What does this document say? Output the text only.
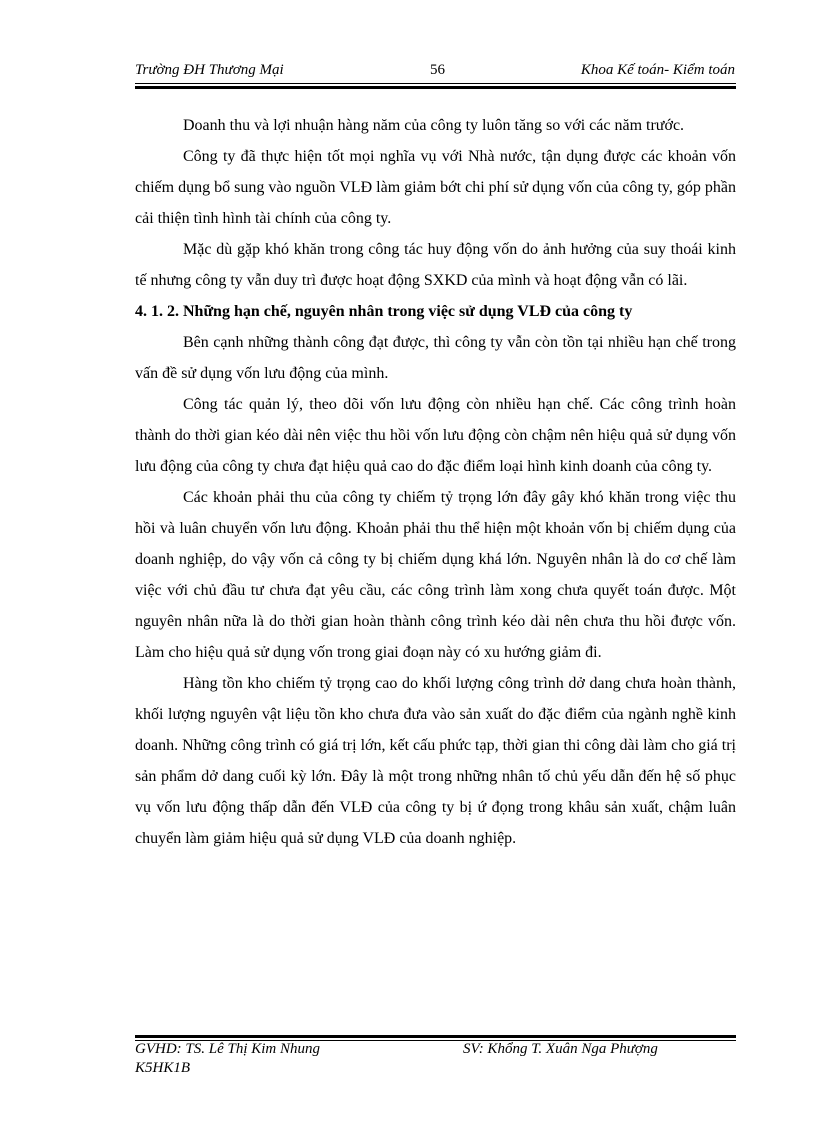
Trường ĐH Thương Mại	56	Khoa Kế toán- Kiểm toán

Doanh thu và lợi nhuận hàng năm của công ty luôn tăng so với các năm trước.

Công ty đã thực hiện tốt mọi nghĩa vụ với Nhà nước, tận dụng được các khoản vốn chiếm dụng bổ sung vào nguồn VLĐ làm giảm bớt chi phí sử dụng vốn của công ty, góp phần cải thiện tình hình tài chính của công ty.

Mặc dù gặp khó khăn trong công tác huy động vốn do ảnh hưởng của suy thoái kinh tế nhưng công ty vẫn duy trì được hoạt động SXKD của mình và hoạt động vẫn có lãi.

4. 1. 2. Những hạn chế, nguyên nhân trong việc sử dụng VLĐ của công ty

Bên cạnh những thành công đạt được, thì công ty vẫn còn tồn tại nhiều hạn chế trong vấn đề sử dụng vốn lưu động của mình.

Công tác quản lý, theo dõi vốn lưu động còn nhiều hạn chế. Các công trình hoàn thành do thời gian kéo dài nên việc thu hồi vốn lưu động còn chậm nên hiệu quả sử dụng vốn lưu động của công ty chưa đạt hiệu quả cao do đặc điểm loại hình kinh doanh của công ty.

Các khoản phải thu của công ty chiếm tỷ trọng lớn đây gây khó khăn trong việc thu hồi và luân chuyển vốn lưu động. Khoản phải thu thể hiện một khoản vốn bị chiếm dụng của doanh nghiệp, do vậy vốn cả công ty bị chiếm dụng khá lớn. Nguyên nhân là do cơ chế làm việc với chủ đầu tư chưa đạt yêu cầu, các công trình làm xong chưa quyết toán được. Một nguyên nhân nữa là do thời gian hoàn thành công trình kéo dài nên chưa thu hồi được vốn. Làm cho hiệu quả sử dụng vốn trong giai đoạn này có xu hướng giảm đi.

Hàng tồn kho chiếm tỷ trọng cao do khối lượng công trình dở dang chưa hoàn thành, khối lượng nguyên vật liệu tồn kho chưa đưa vào sản xuất do đặc điểm của ngành nghề kinh doanh. Những công trình có giá trị lớn, kết cấu phức tạp, thời gian thi công dài làm cho giá trị sản phẩm dở dang cuối kỳ lớn. Đây là một trong những nhân tố chủ yếu dẫn đến hệ số phục vụ vốn lưu động thấp dẫn đến VLĐ của công ty bị ứ đọng trong khâu sản xuất, chậm luân chuyển làm giảm hiệu quả sử dụng VLĐ của doanh nghiệp.

GVHD: TS. Lê Thị Kim Nhung	SV: Khổng T. Xuân Nga Phượng
K5HK1B
